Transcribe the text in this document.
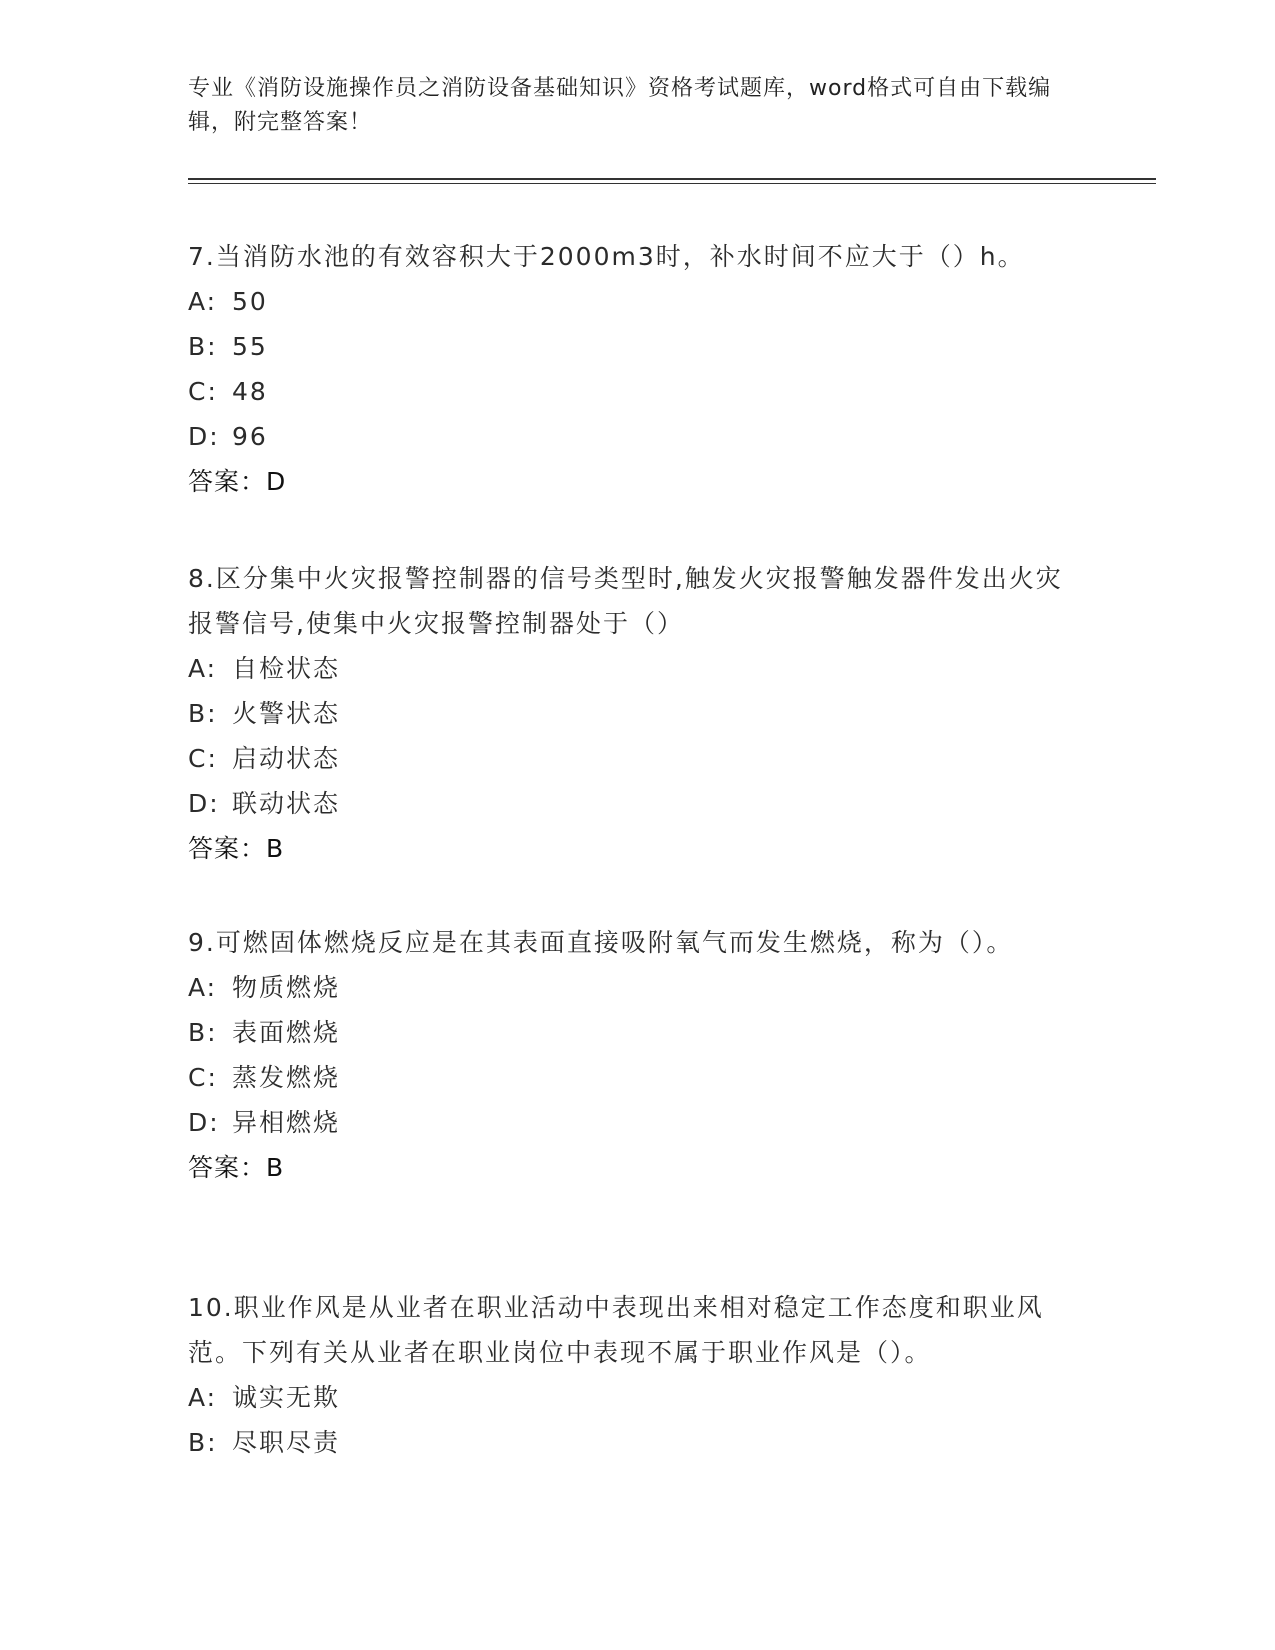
专业《消防设施操作员之消防设备基础知识》资格考试题库，word格式可自由下载编辑，附完整答案！

7.当消防水池的有效容积大于2000m3时，补水时间不应大于（）h。

A: 50
B: 55
C: 48
D: 96
答案：D

8.区分集中火灾报警控制器的信号类型时,触发火灾报警触发器件发出火灾报警信号,使集中火灾报警控制器处于（）

A: 自检状态
B: 火警状态
C: 启动状态
D: 联动状态
答案：B

9.可燃固体燃烧反应是在其表面直接吸附氧气而发生燃烧，称为（）。

A: 物质燃烧
B: 表面燃烧
C: 蒸发燃烧
D: 异相燃烧
答案：B

10.职业作风是从业者在职业活动中表现出来相对稳定工作态度和职业风范。下列有关从业者在职业岗位中表现不属于职业作风是（）。

A: 诚实无欺
B: 尽职尽责
